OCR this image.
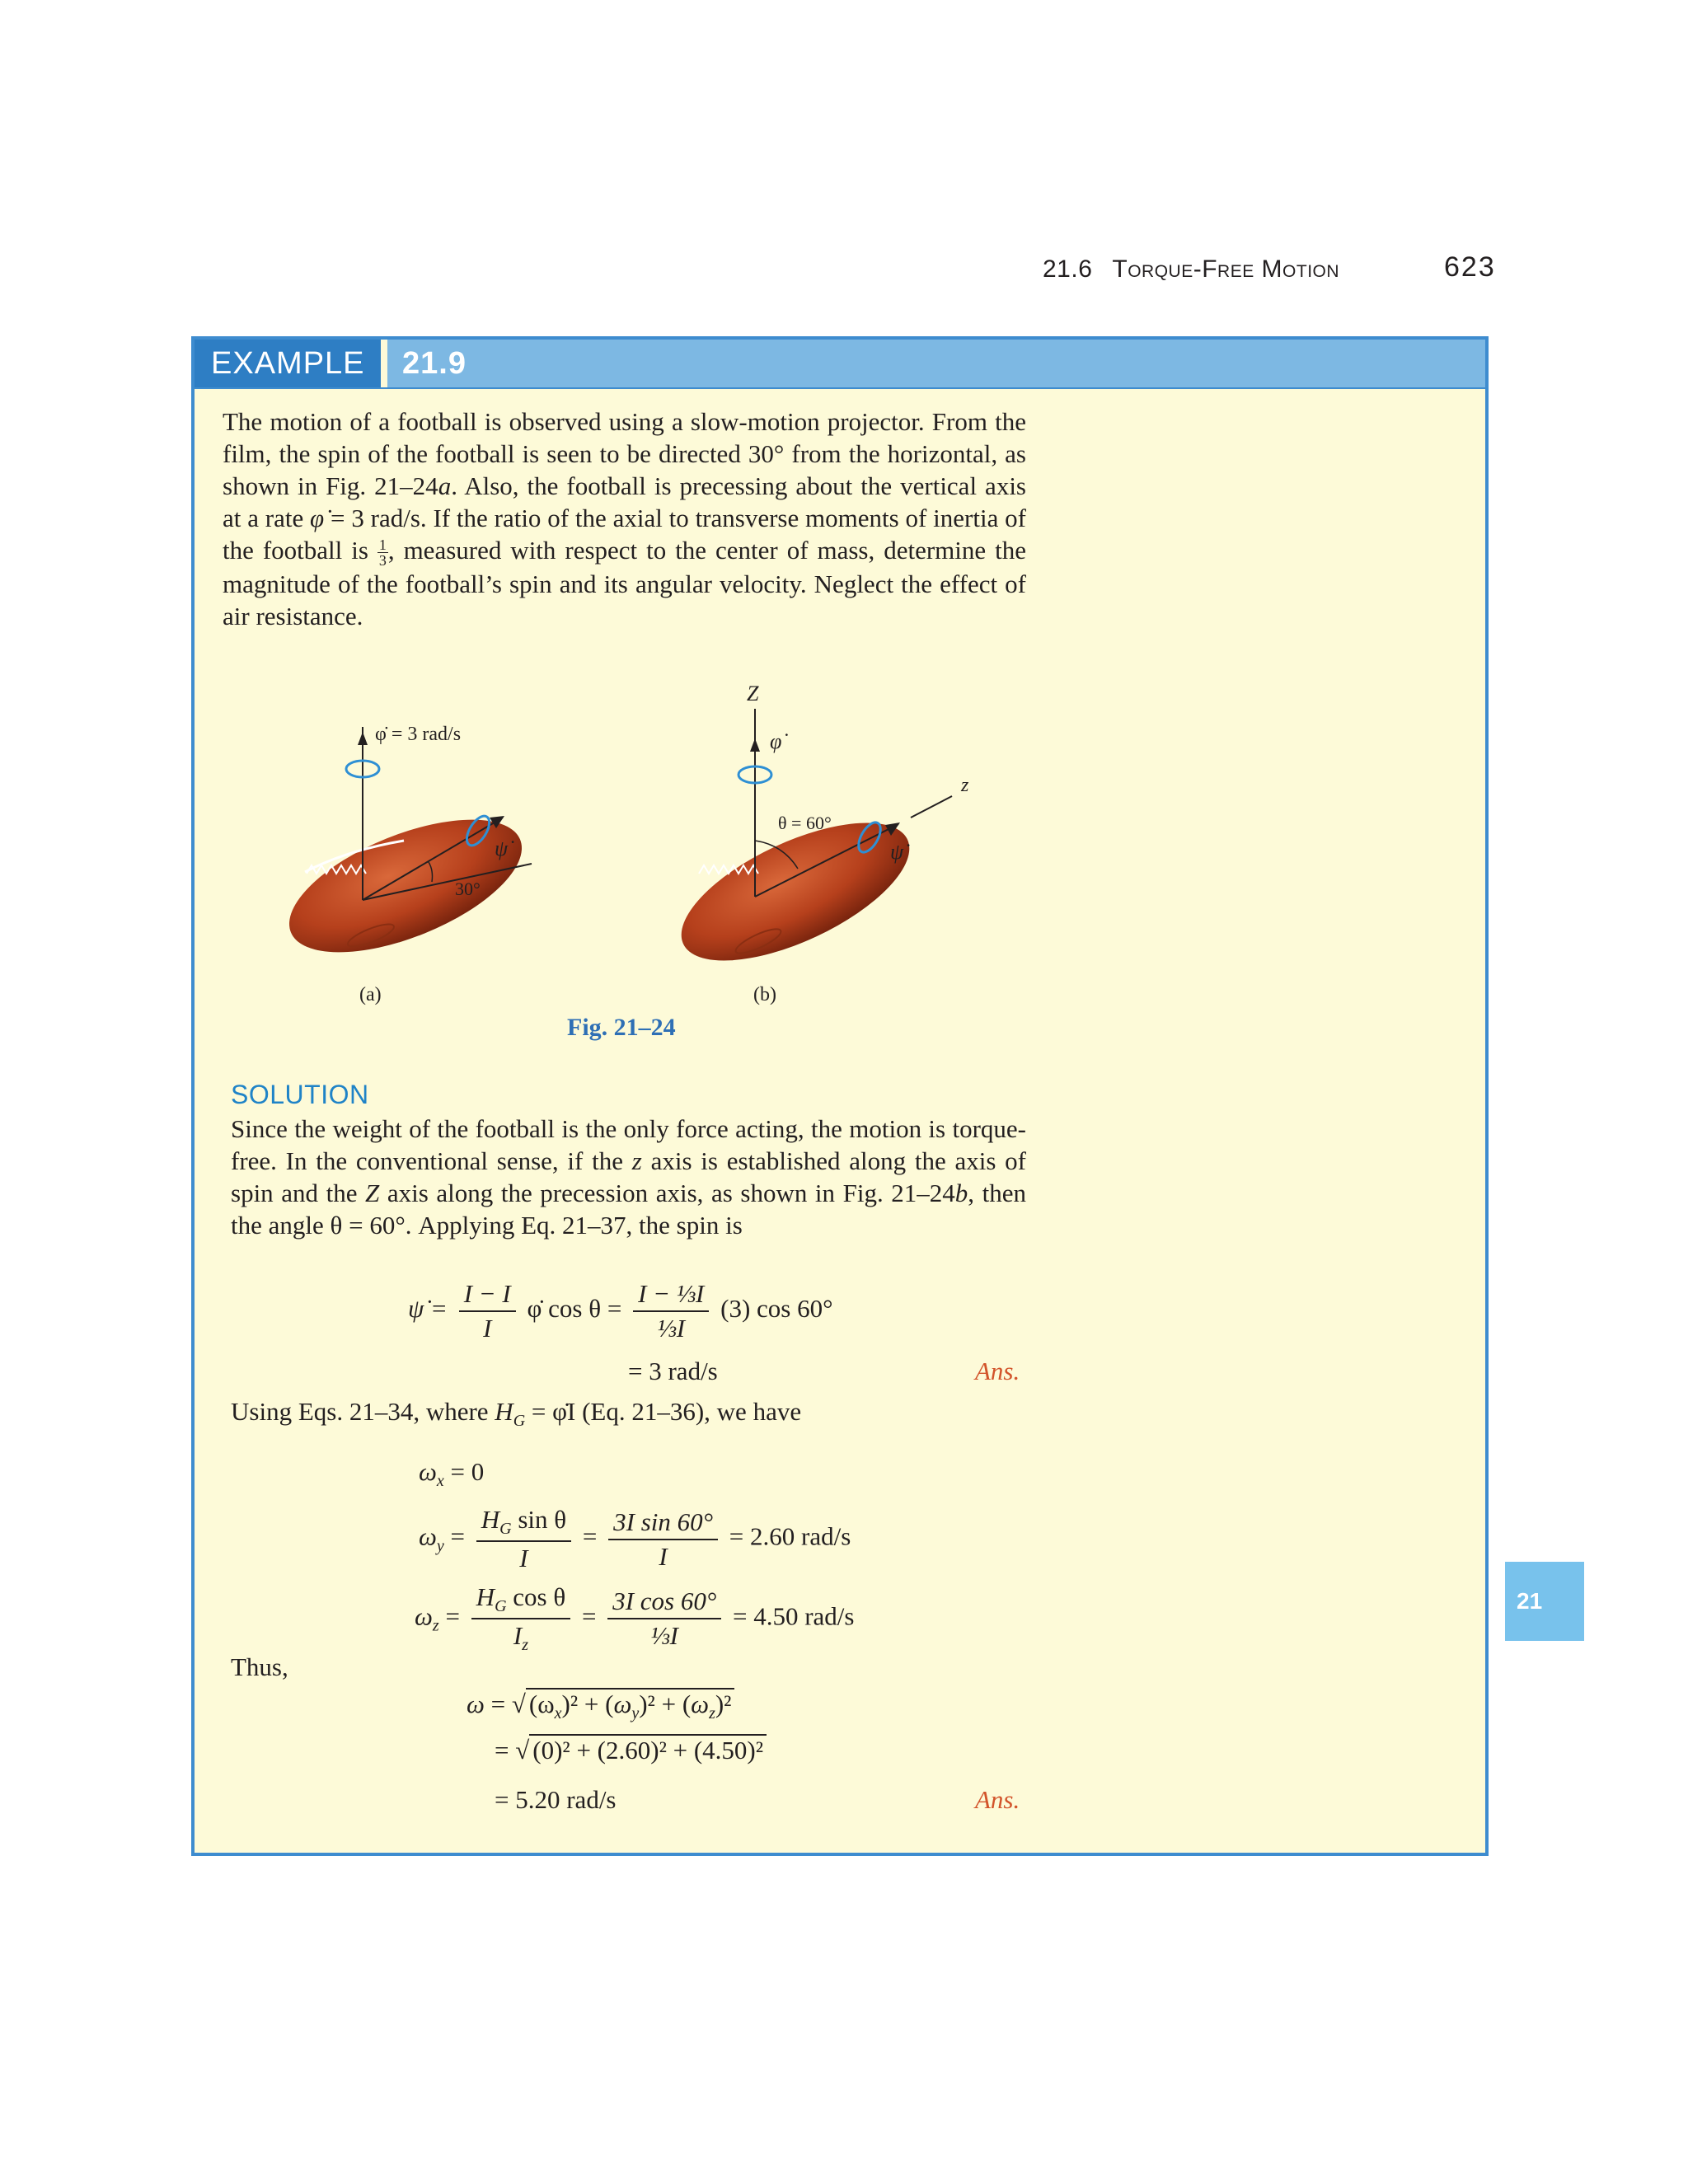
21.6 Torque-Free Motion	623
EXAMPLE	21.9

The motion of a football is observed using a slow-motion projector. From the film, the spin of the football is seen to be directed 30° from the horizontal, as shown in Fig. 21–24a. Also, the football is precessing about the vertical axis at a rate φ̇ = 3 rad/s. If the ratio of the axial to transverse moments of inertia of the football is $\frac{1}{3}$ , measured with respect to the center of mass, determine the magnitude of the football’s spin and its angular velocity. Neglect the effect of air resistance.

φ̇ = 3 rad/s
30°
ψ̇
(a)
Z
φ̇
θ = 60°
z
ψ̇
(b)
Fig. 21–24
SOLUTION

Since the weight of the football is the only force acting, the motion is torque-free. In the conventional sense, if the z axis is established along the axis of spin and the Z axis along the precession axis, as shown in Fig. 21–24b, then the angle θ = 60°. Applying Eq. 21–37, the spin is

ψ̇ = $\frac{I - I}{I}$ φ̇ $\cos \theta = \frac{\text{I − ⅓I}}{\text{⅓I}} (3)$ cos 60°
= 3 rad/s	Ans.
Using Eqs. 21–34, where $H_G$ = φ̇I (Eq. 21–36), we have
$\omega_x = 0$
$\omega_y = \frac{H_G \sin \theta}{I} = \frac{\text{3I sin 60°}}{I} = 2.60$ rad/s
$\omega_z = \frac{H_G \cos \theta}{I_z} = \frac{\text{3I cos 60°}}{\text{⅓I}} = 4.50$ rad/s
Thus,
ω = √ $(\omega_x)^2 + (\omega_y)^2 + (\omega_z)^2$
= √ (0)² + (2.60)² + (4.50)²
= 5.20 rad/s	Ans.
21
